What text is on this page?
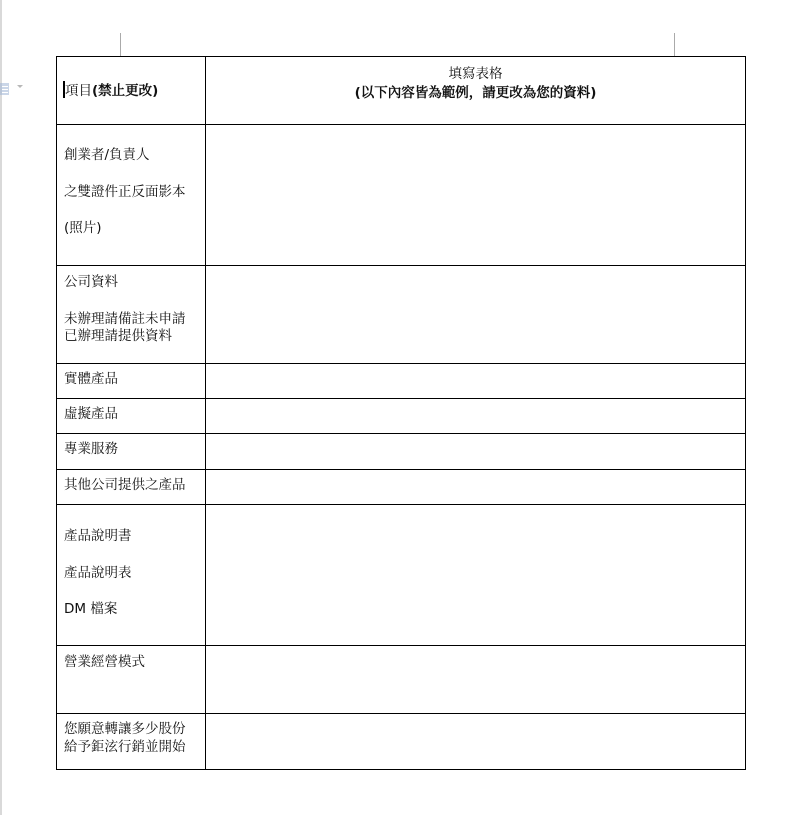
項目(禁止更改)	填寫表格
(以下內容皆為範例，請更改為您的資料)

創業者/負責人
之雙證件正反面影本
(照片)	

公司資料
未辦理請備註未申請
已辦理請提供資料	

實體產品	

虛擬產品	

專業服務	

其他公司提供之產品	

產品說明書
產品說明表
DM 檔案	

營業經營模式	

您願意轉讓多少股份
給予鉅泫行銷並開始	
